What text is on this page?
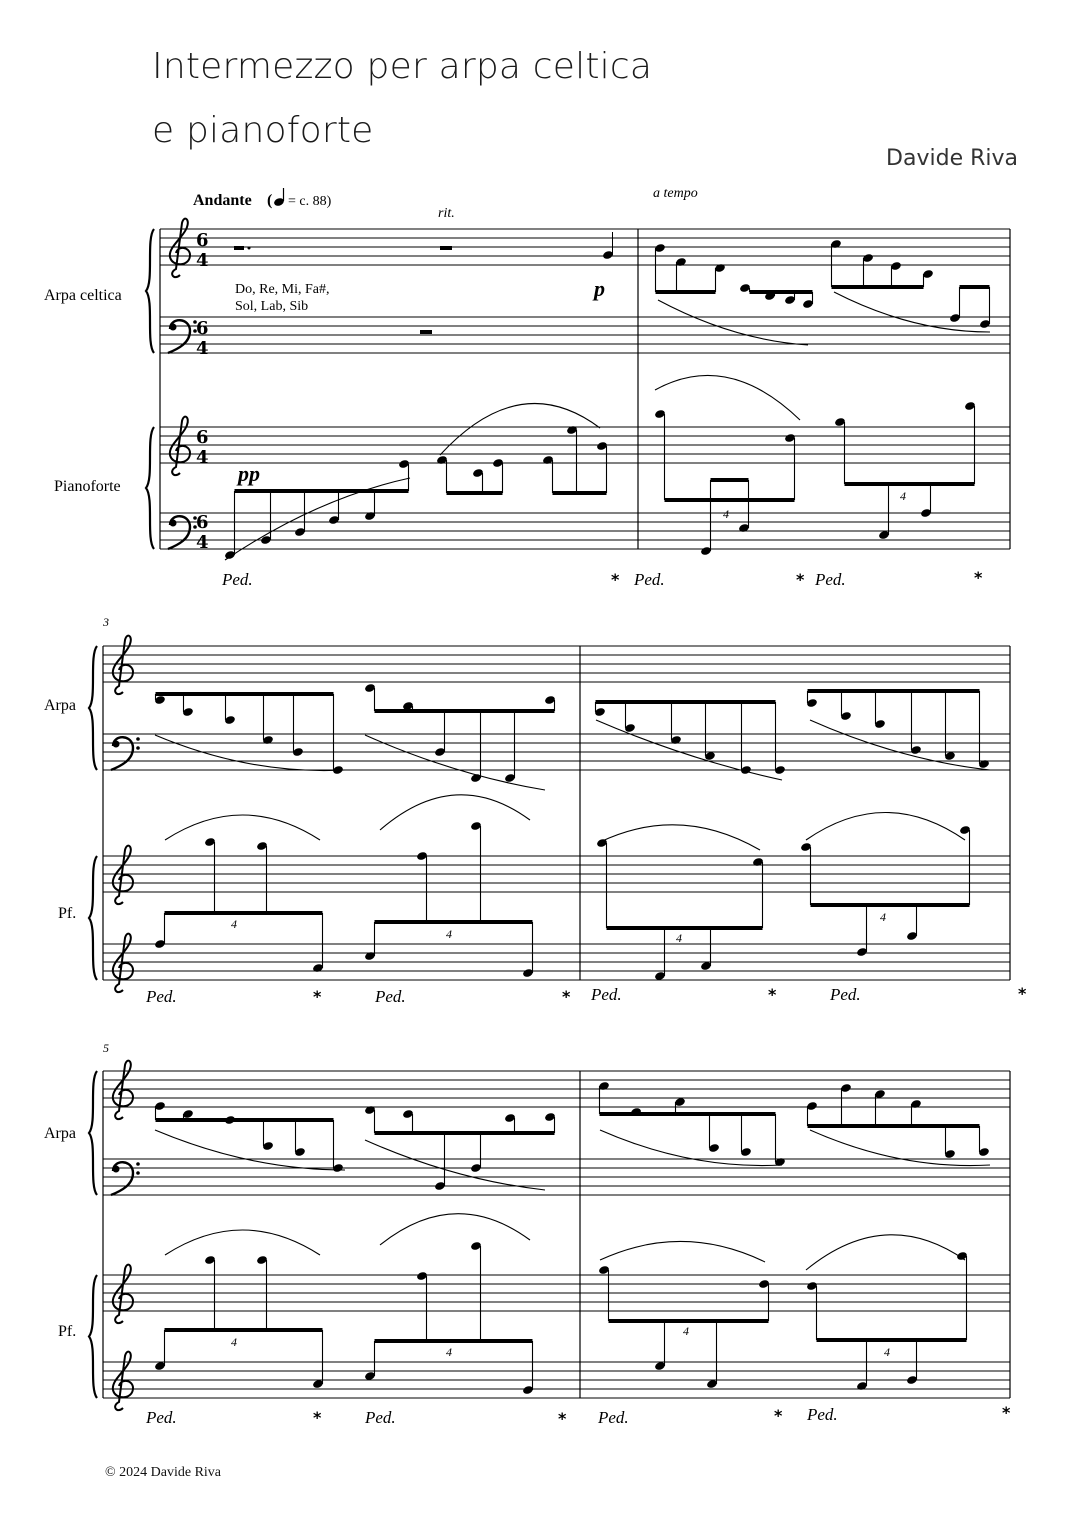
Intermezzo per arpa celtica
e pianoforte
Davide Riva
Andante ( = c. 88)
rit.
a tempo
p
pp
Do, Re, Mi, Fa#,
Sol, Lab, Sib
Arpa celtica
Pianoforte
Arpa
Pf.
Arpa
Pf.
3
5
6
4
6
4
6
4
6
4
4
4
4
4	4
4
4
4
4
4
Ped.	Ped.	Ped.
Ped.	Ped.	Ped.	Ped.
Ped.	Ped.	Ped.	Ped.
*	*	*
*	*	*	*
*	*	*	*
© 2024 Davide Riva
